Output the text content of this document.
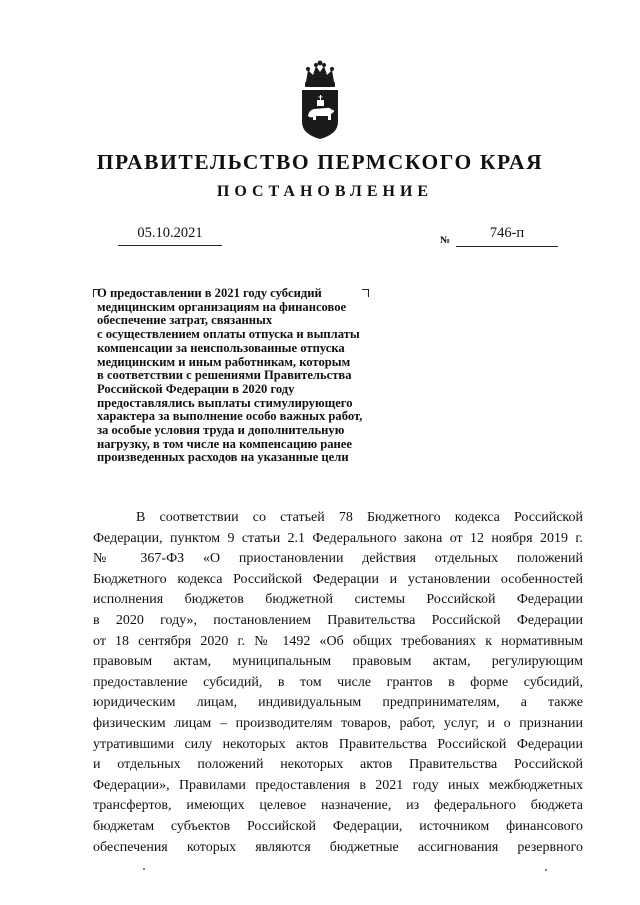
ПРАВИТЕЛЬСТВО ПЕРМСКОГО КРАЯ
ПОСТАНОВЛЕНИЕ
05.10.2021	№	746-п
О предоставлении в 2021 году субсидий
медицинским организациям на финансовое
обеспечение затрат, связанных
с осуществлением оплаты отпуска и выплаты
компенсации за неиспользованные отпуска
медицинским и иным работникам, которым
в соответствии с решениями Правительства
Российской Федерации в 2020 году
предоставлялись выплаты стимулирующего
характера за выполнение особо важных работ,
за особые условия труда и дополнительную
нагрузку, в том числе на компенсацию ранее
произведенных расходов на указанные цели
В соответствии со статьей 78 Бюджетного кодекса Российской
Федерации, пунктом 9 статьи 2.1 Федерального закона от 12 ноября 2019 г.
№ 367-ФЗ «О приостановлении действия отдельных положений
Бюджетного кодекса Российской Федерации и установлении особенностей
исполнения бюджетов бюджетной системы Российской Федерации
в 2020 году», постановлением Правительства Российской Федерации
от 18 сентября 2020 г. № 1492 «Об общих требованиях к нормативным
правовым актам, муниципальным правовым актам, регулирующим
предоставление субсидий, в том числе грантов в форме субсидий,
юридическим лицам, индивидуальным предпринимателям, а также
физическим лицам – производителям товаров, работ, услуг, и о признании
утратившими силу некоторых актов Правительства Российской Федерации
и отдельных положений некоторых актов Правительства Российской
Федерации», Правилами предоставления в 2021 году иных межбюджетных
трансфертов, имеющих целевое назначение, из федерального бюджета
бюджетам субъектов Российской Федерации, источником финансового
обеспечения которых являются бюджетные ассигнования резервного
